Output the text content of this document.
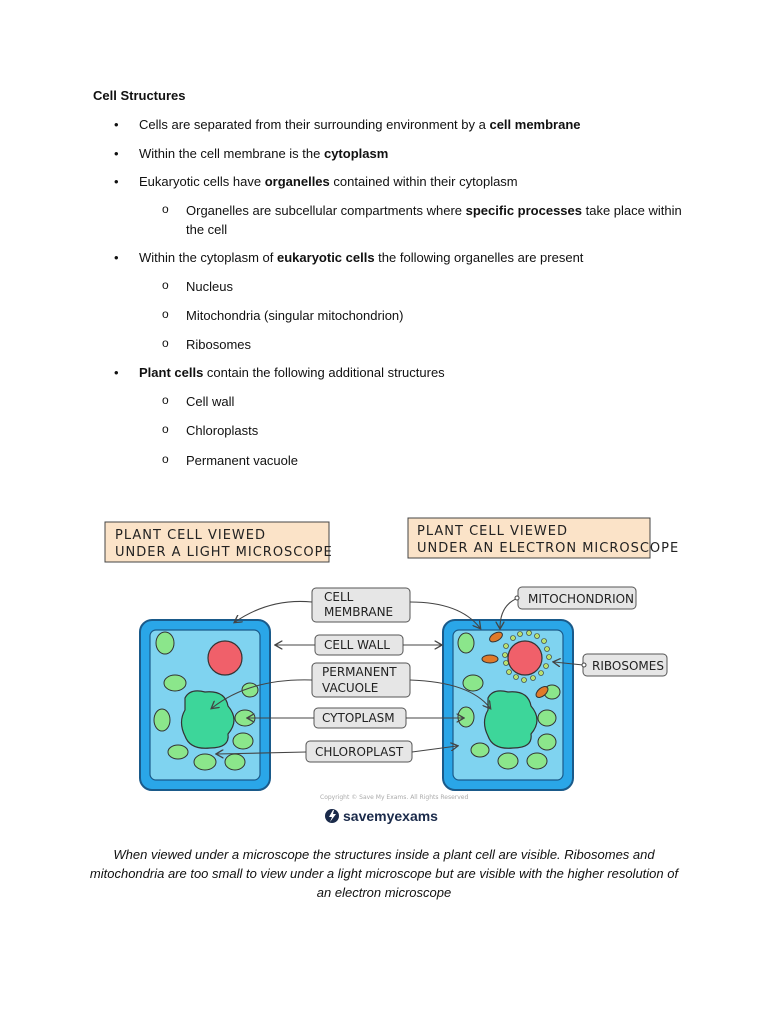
Cell Structures
• Cells are separated from their surrounding environment by a cell membrane
• Within the cell membrane is the cytoplasm
• Eukaryotic cells have organelles contained within their cytoplasm
o Organelles are subcellular compartments where specific processes take place within the cell
• Within the cytoplasm of eukaryotic cells the following organelles are present
o Nucleus
o Mitochondria (singular mitochondrion)
o Ribosomes
• Plant cells contain the following additional structures
o Cell wall
o Chloroplasts
o Permanent vacuole
PLANT CELL VIEWED
UNDER A LIGHT MICROSCOPE
PLANT CELL VIEWED
UNDER AN ELECTRON MICROSCOPE
CELL
MEMBRANE
CELL WALL
PERMANENT
VACUOLE
CYTOPLASM
CHLOROPLAST
MITOCHONDRION
RIBOSOMES
Copyright © Save My Exams. All Rights Reserved
savemyexams
When viewed under a microscope the structures inside a plant cell are visible. Ribosomes and mitochondria are too small to view under a light microscope but are visible with the higher resolution of an electron microscope
